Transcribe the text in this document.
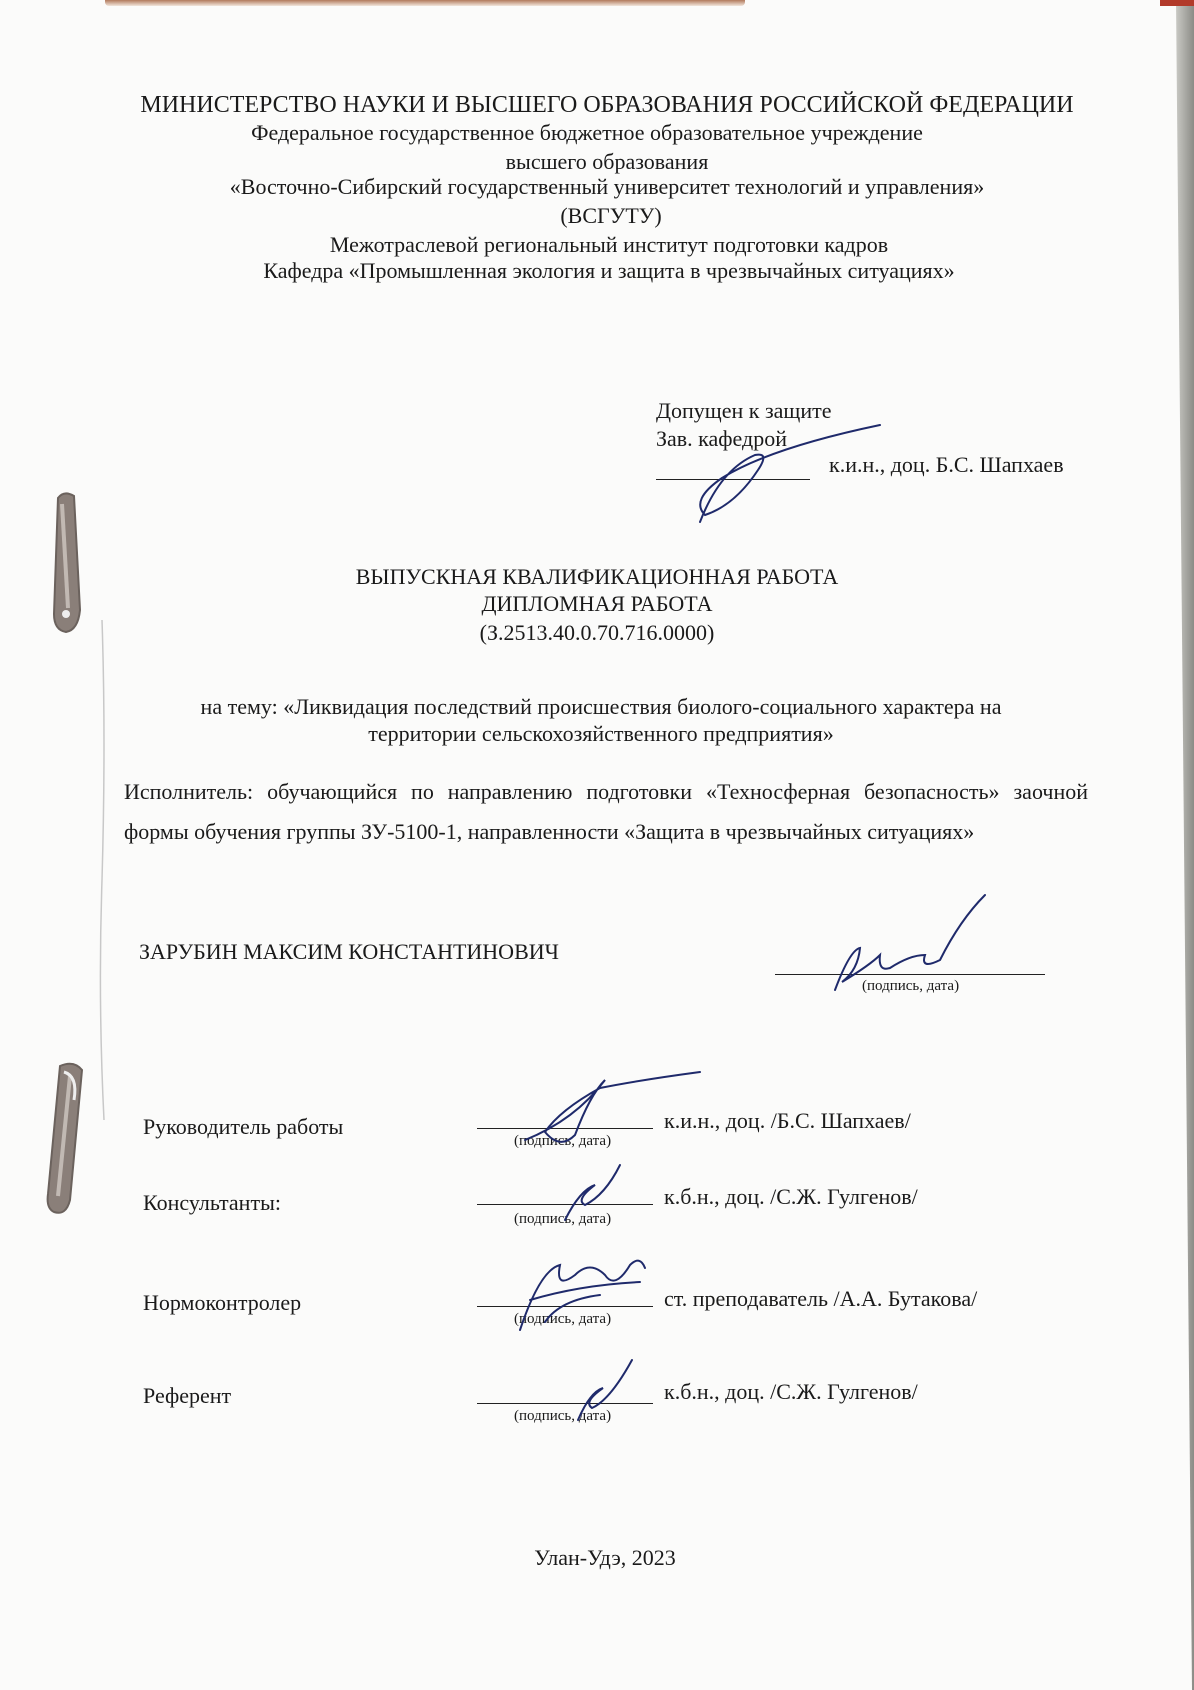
МИНИСТЕРСТВО НАУКИ И ВЫСШЕГО ОБРАЗОВАНИЯ РОССИЙСКОЙ ФЕДЕРАЦИИ
Федеральное государственное бюджетное образовательное учреждение
высшего образования
«Восточно-Сибирский государственный университет технологий и управления»
(ВСГУТУ)
Межотраслевой региональный институт подготовки кадров
Кафедра «Промышленная экология и защита в чрезвычайных ситуациях»
Допущен к защите
Зав. кафедрой
к.и.н., доц. Б.С. Шапхаев
ВЫПУСКНАЯ КВАЛИФИКАЦИОННАЯ РАБОТА
ДИПЛОМНАЯ РАБОТА
(З.2513.40.0.70.716.0000)
на тему: «Ликвидация последствий происшествия биолого-социального характера на
территории сельскохозяйственного предприятия»
Исполнитель: обучающийся по направлению подготовки «Техносферная безопасность» заочной формы обучения группы ЗУ-5100-1, направленности «Защита в чрезвычайных ситуациях»
ЗАРУБИН МАКСИМ КОНСТАНТИНОВИЧ
(подпись, дата)
Руководитель работы
(подпись, дата)
к.и.н., доц. /Б.С. Шапхаев/
Консультанты:
(подпись, дата)
к.б.н., доц. /С.Ж. Гулгенов/
Нормоконтролер
(подпись, дата)
ст. преподаватель /А.А. Бутакова/
Референт
(подпись, дата)
к.б.н., доц. /С.Ж. Гулгенов/
Улан-Удэ, 2023
